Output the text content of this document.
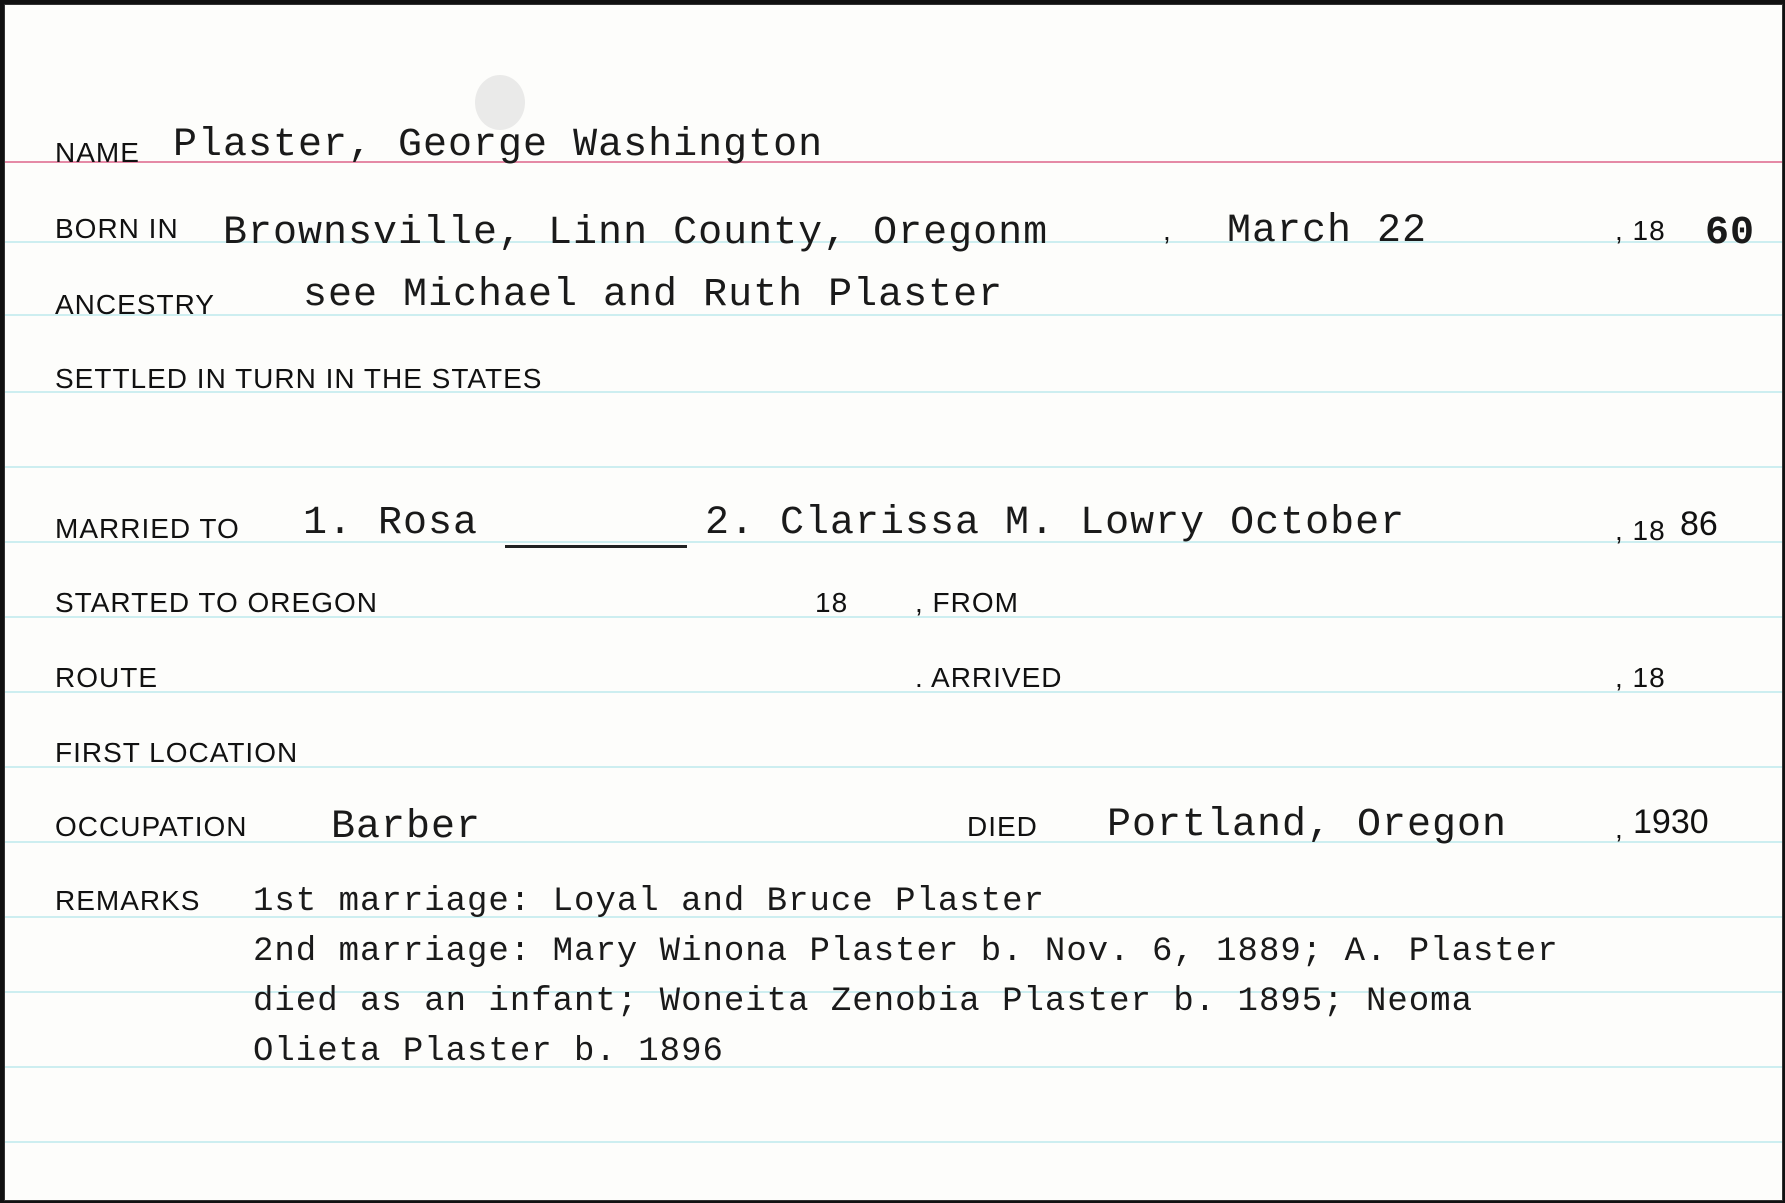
NAME Plaster, George Washington
BORN IN Brownsville, Linn County, Oregonm	, March 22	, 18 60
ANCESTRY see Michael and Ruth Plaster
SETTLED IN TURN IN THE STATES
MARRIED TO 1. Rosa	2. Clarissa M. Lowry October	, 18 86
STARTED TO OREGON	18 , FROM
ROUTE	. ARRIVED	, 18
FIRST LOCATION
OCCUPATION Barber	DIED Portland, Oregon	, 1930
REMARKS 1st marriage: Loyal and Bruce Plaster
2nd marriage: Mary Winona Plaster b. Nov. 6, 1889; A. Plaster
died as an infant; Woneita Zenobia Plaster b. 1895; Neoma
Olieta Plaster b. 1896
